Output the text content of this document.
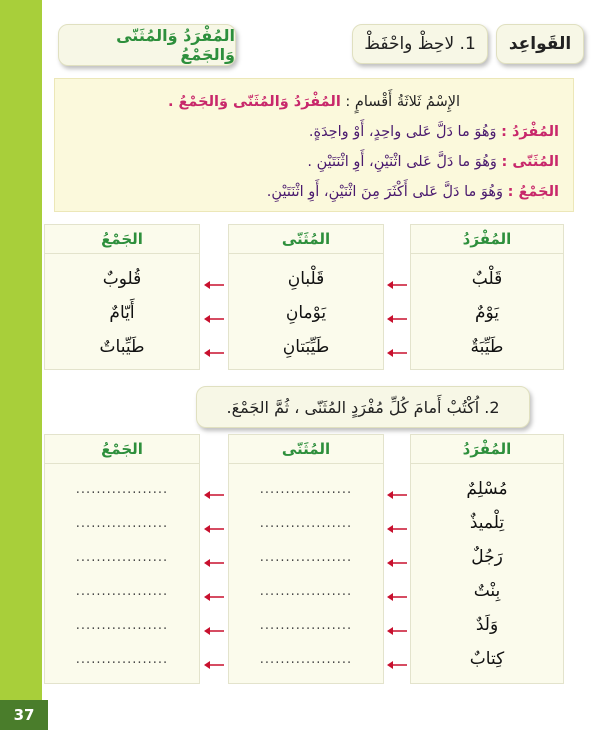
37
القَواعِد
1. لاحِظْ واحْفَظْ
المُفْرَدُ وَالمُثَنّى وَالجَمْعُ
الإِسْمُ ثَلاثَةُ أَقْسامٍ : المُفْرَدُ وَالمُثَنّى وَالجَمْعُ .
المُفْرَدُ : وَهُوَ ما دَلَّ عَلى واحِدٍ، أَوْ واحِدَةٍ.
المُثَنّى : وَهُوَ ما دَلَّ عَلى اثْنَيْنِ، أَوِ اثْنَتَيْنِ .
الجَمْعُ : وَهُوَ ما دَلَّ عَلى أَكْثَرَ مِنَ اثْنَيْنِ، أَوِ اثْنَتَيْنِ.
المُفْرَدُ
قَلْبٌ
يَوْمٌ
طَيِّبَةٌ
المُثَنّى
قَلْبانِ
يَوْمانِ
طَيِّبَتانِ
الجَمْعُ
قُلوبٌ
أَيّامٌ
طَيِّباتٌ
2. اُكْتُبْ أَمامَ كُلِّ مُفْرَدٍ المُثَنّى ، ثُمَّ الجَمْعَ.
المُفْرَدُ
مُسْلِمٌ
تِلْميذٌ
رَجُلٌ
بِنْتٌ
وَلَدٌ
كِتابٌ
المُثَنّى
..................
..................
..................
..................
..................
..................
الجَمْعُ
..................
..................
..................
..................
..................
..................
